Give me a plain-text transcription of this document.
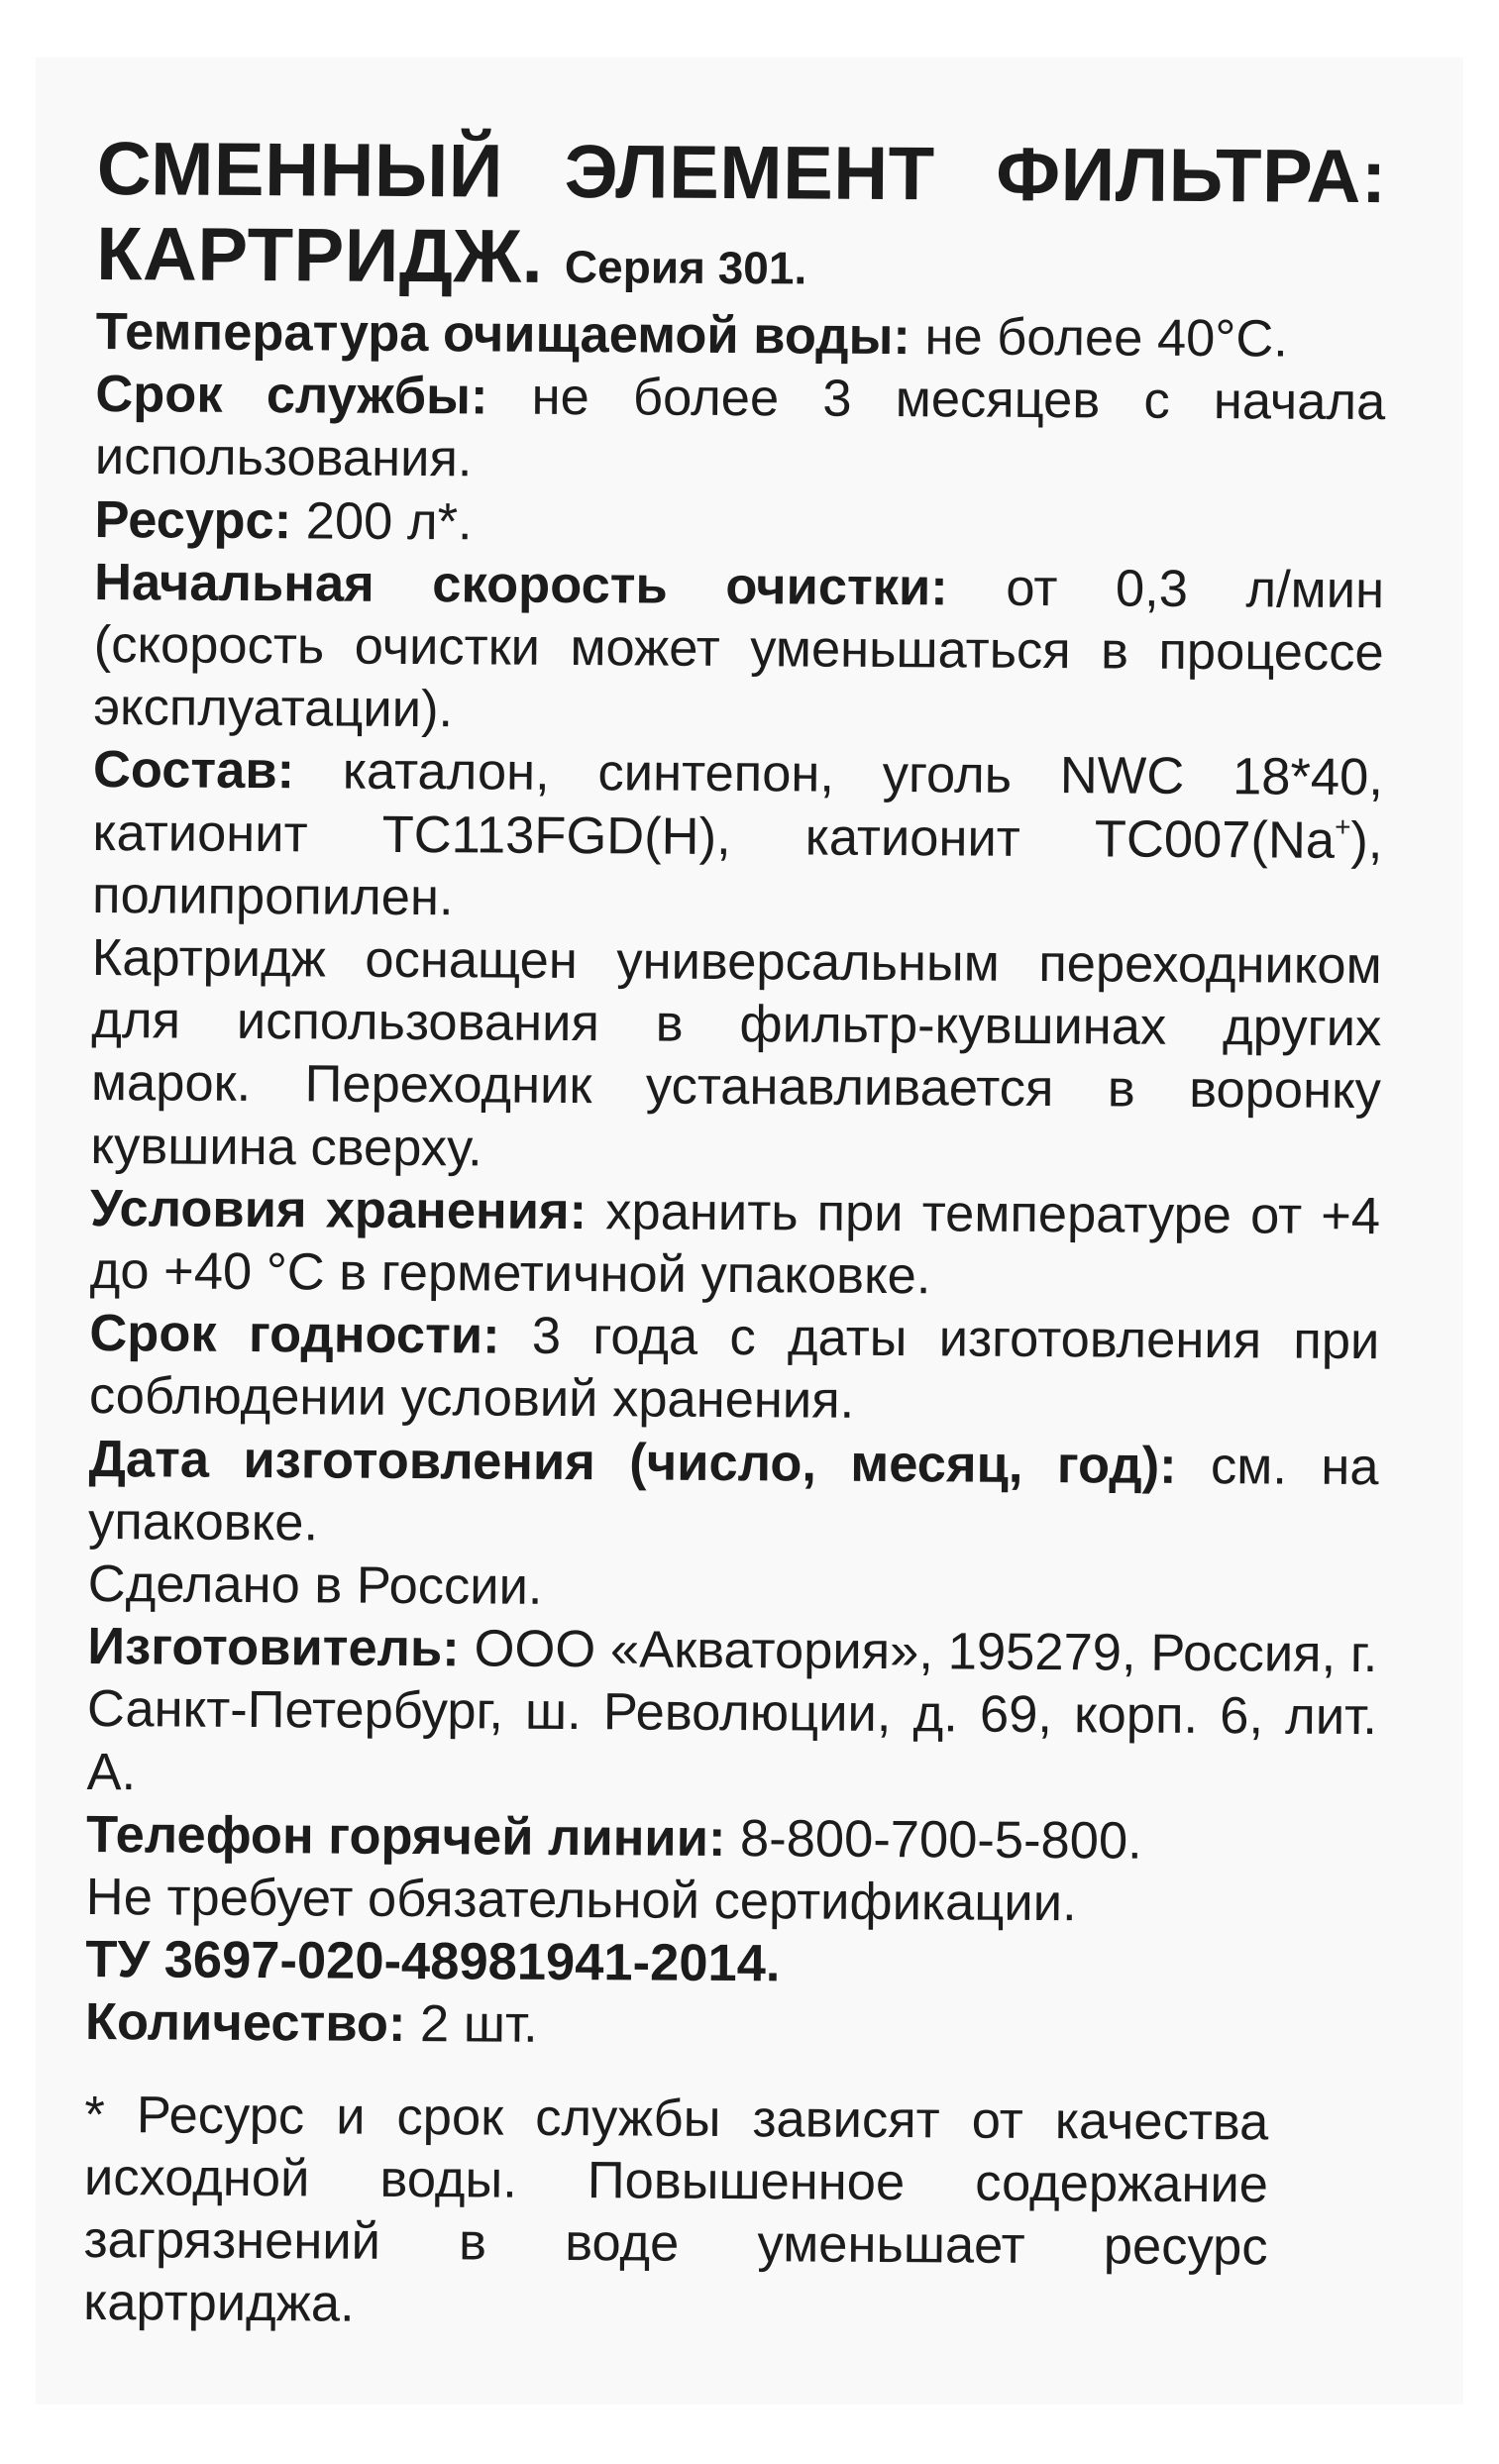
СМЕННЫЙ ЭЛЕМЕНТ ФИЛЬТРА:
КАРТРИДЖ. Серия 301.

Температура очищаемой воды: не более 40°С.

Срок службы: не более 3 месяцев с начала использования.

Ресурс: 200 л*.

Начальная скорость очистки: от 0,3 л/мин (скорость очистки может уменьшаться в процессе эксплуатации).

Состав: каталон, синтепон, уголь NWC 18*40, катионит TC113FGD(H), катионит TC007(Na+), полипропилен.

Картридж оснащен универсальным переходником для использования в фильтр-кувшинах других марок. Переходник устанавливается в воронку кувшина сверху.

Условия хранения: хранить при температуре от +4 до +40 °С в герметичной упаковке.

Срок годности: 3 года с даты изготовления при соблюдении условий хранения.

Дата изготовления (число, месяц, год): см. на упаковке.

Сделано в России.

Изготовитель: ООО «Акватория», 195279, Россия, г. Санкт-Петербург, ш. Революции, д. 69, корп. 6, лит. А.

Телефон горячей линии: 8-800-700-5-800.

Не требует обязательной сертификации.

ТУ 3697-020-48981941-2014.

Количество: 2 шт.

* Ресурс и срок службы зависят от качества исходной воды. Повышенное содержание загрязнений в воде уменьшает ресурс картриджа.
